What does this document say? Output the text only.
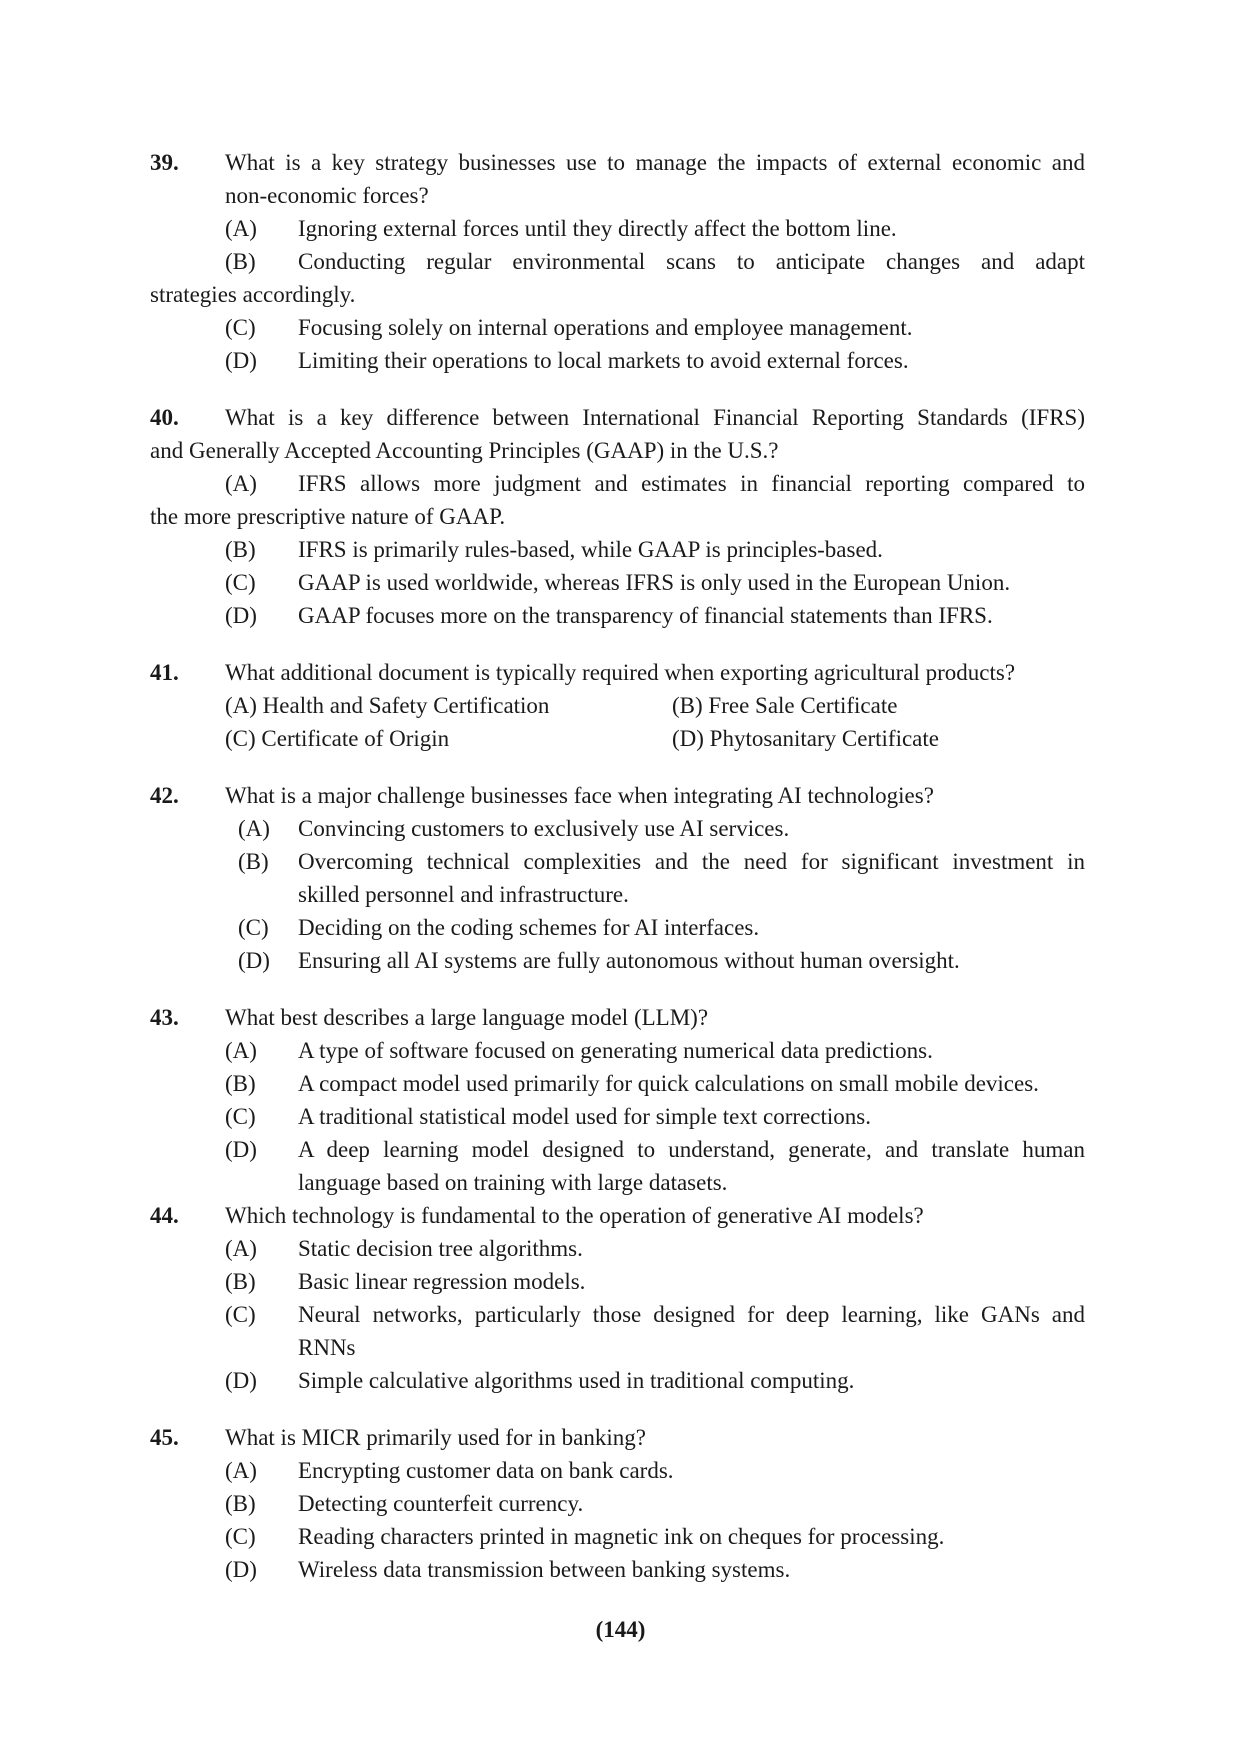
39. What is a key strategy businesses use to manage the impacts of external economic and
non-economic forces?
(A) Ignoring external forces until they directly affect the bottom line.
(B) Conducting regular environmental scans to anticipate changes and adapt
strategies accordingly.
(C) Focusing solely on internal operations and employee management.
(D) Limiting their operations to local markets to avoid external forces.
40. What is a key difference between International Financial Reporting Standards (IFRS)
and Generally Accepted Accounting Principles (GAAP) in the U.S.?
(A) IFRS allows more judgment and estimates in financial reporting compared to
the more prescriptive nature of GAAP.
(B) IFRS is primarily rules-based, while GAAP is principles-based.
(C) GAAP is used worldwide, whereas IFRS is only used in the European Union.
(D) GAAP focuses more on the transparency of financial statements than IFRS.
41. What additional document is typically required when exporting agricultural products?
(A) Health and Safety Certification	(B) Free Sale Certificate
(C) Certificate of Origin	(D) Phytosanitary Certificate
42. What is a major challenge businesses face when integrating AI technologies?
(A) Convincing customers to exclusively use AI services.
(B) Overcoming technical complexities and the need for significant investment in
skilled personnel and infrastructure.
(C) Deciding on the coding schemes for AI interfaces.
(D) Ensuring all AI systems are fully autonomous without human oversight.
43. What best describes a large language model (LLM)?
(A) A type of software focused on generating numerical data predictions.
(B) A compact model used primarily for quick calculations on small mobile devices.
(C) A traditional statistical model used for simple text corrections.
(D) A deep learning model designed to understand, generate, and translate human
language based on training with large datasets.
44. Which technology is fundamental to the operation of generative AI models?
(A) Static decision tree algorithms.
(B) Basic linear regression models.
(C) Neural networks, particularly those designed for deep learning, like GANs and
RNNs
(D) Simple calculative algorithms used in traditional computing.
45. What is MICR primarily used for in banking?
(A) Encrypting customer data on bank cards.
(B) Detecting counterfeit currency.
(C) Reading characters printed in magnetic ink on cheques for processing.
(D) Wireless data transmission between banking systems.
(144)
